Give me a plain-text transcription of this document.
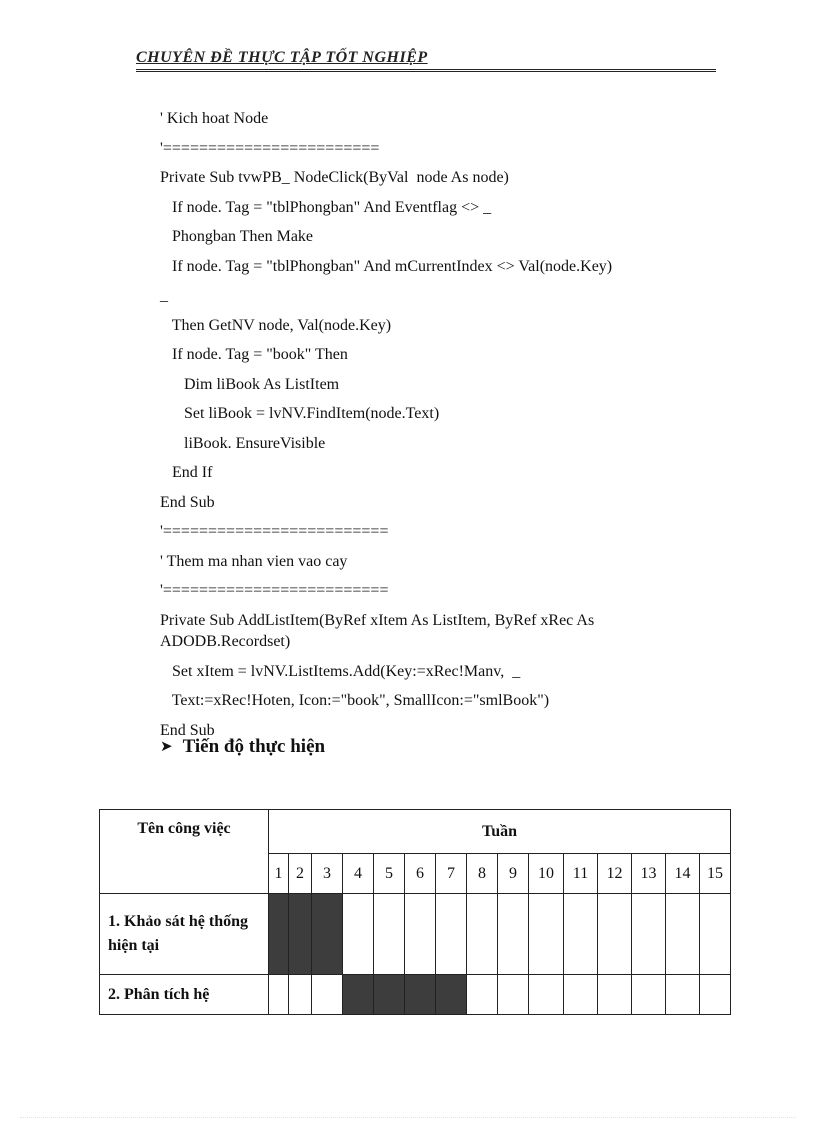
CHUYÊN ĐỀ THỰC TẬP TỐT NGHIỆP
' Kich hoat Node
'========================
Private Sub tvwPB_ NodeClick(ByVal  node As node)
If node. Tag = "tblPhongban" And Eventflag <> _
Phongban Then Make
If node. Tag = "tblPhongban" And mCurrentIndex <> Val(node.Key)
_
Then GetNV node, Val(node.Key)
If node. Tag = "book" Then
Dim liBook As ListItem
Set liBook = lvNV.FindItem(node.Text)
liBook. EnsureVisible
End If
End Sub
'=========================
' Them ma nhan vien vao cay
'=========================
Private Sub AddListItem(ByRef xItem As ListItem, ByRef xRec As ADODB.Recordset)
Set xItem = lvNV.ListItems.Add(Key:=xRec!Manv,  _
Text:=xRec!Hoten, Icon:="book", SmallIcon:="smlBook")
End Sub
➤ Tiến độ thực hiện
Tên công việc	Tuần														
	1	2	3	4	5	6	7	8	9	10	11	12	13	14	15
1. Khảo sát hệ thống hiện tại															
2. Phân tích hệ															
